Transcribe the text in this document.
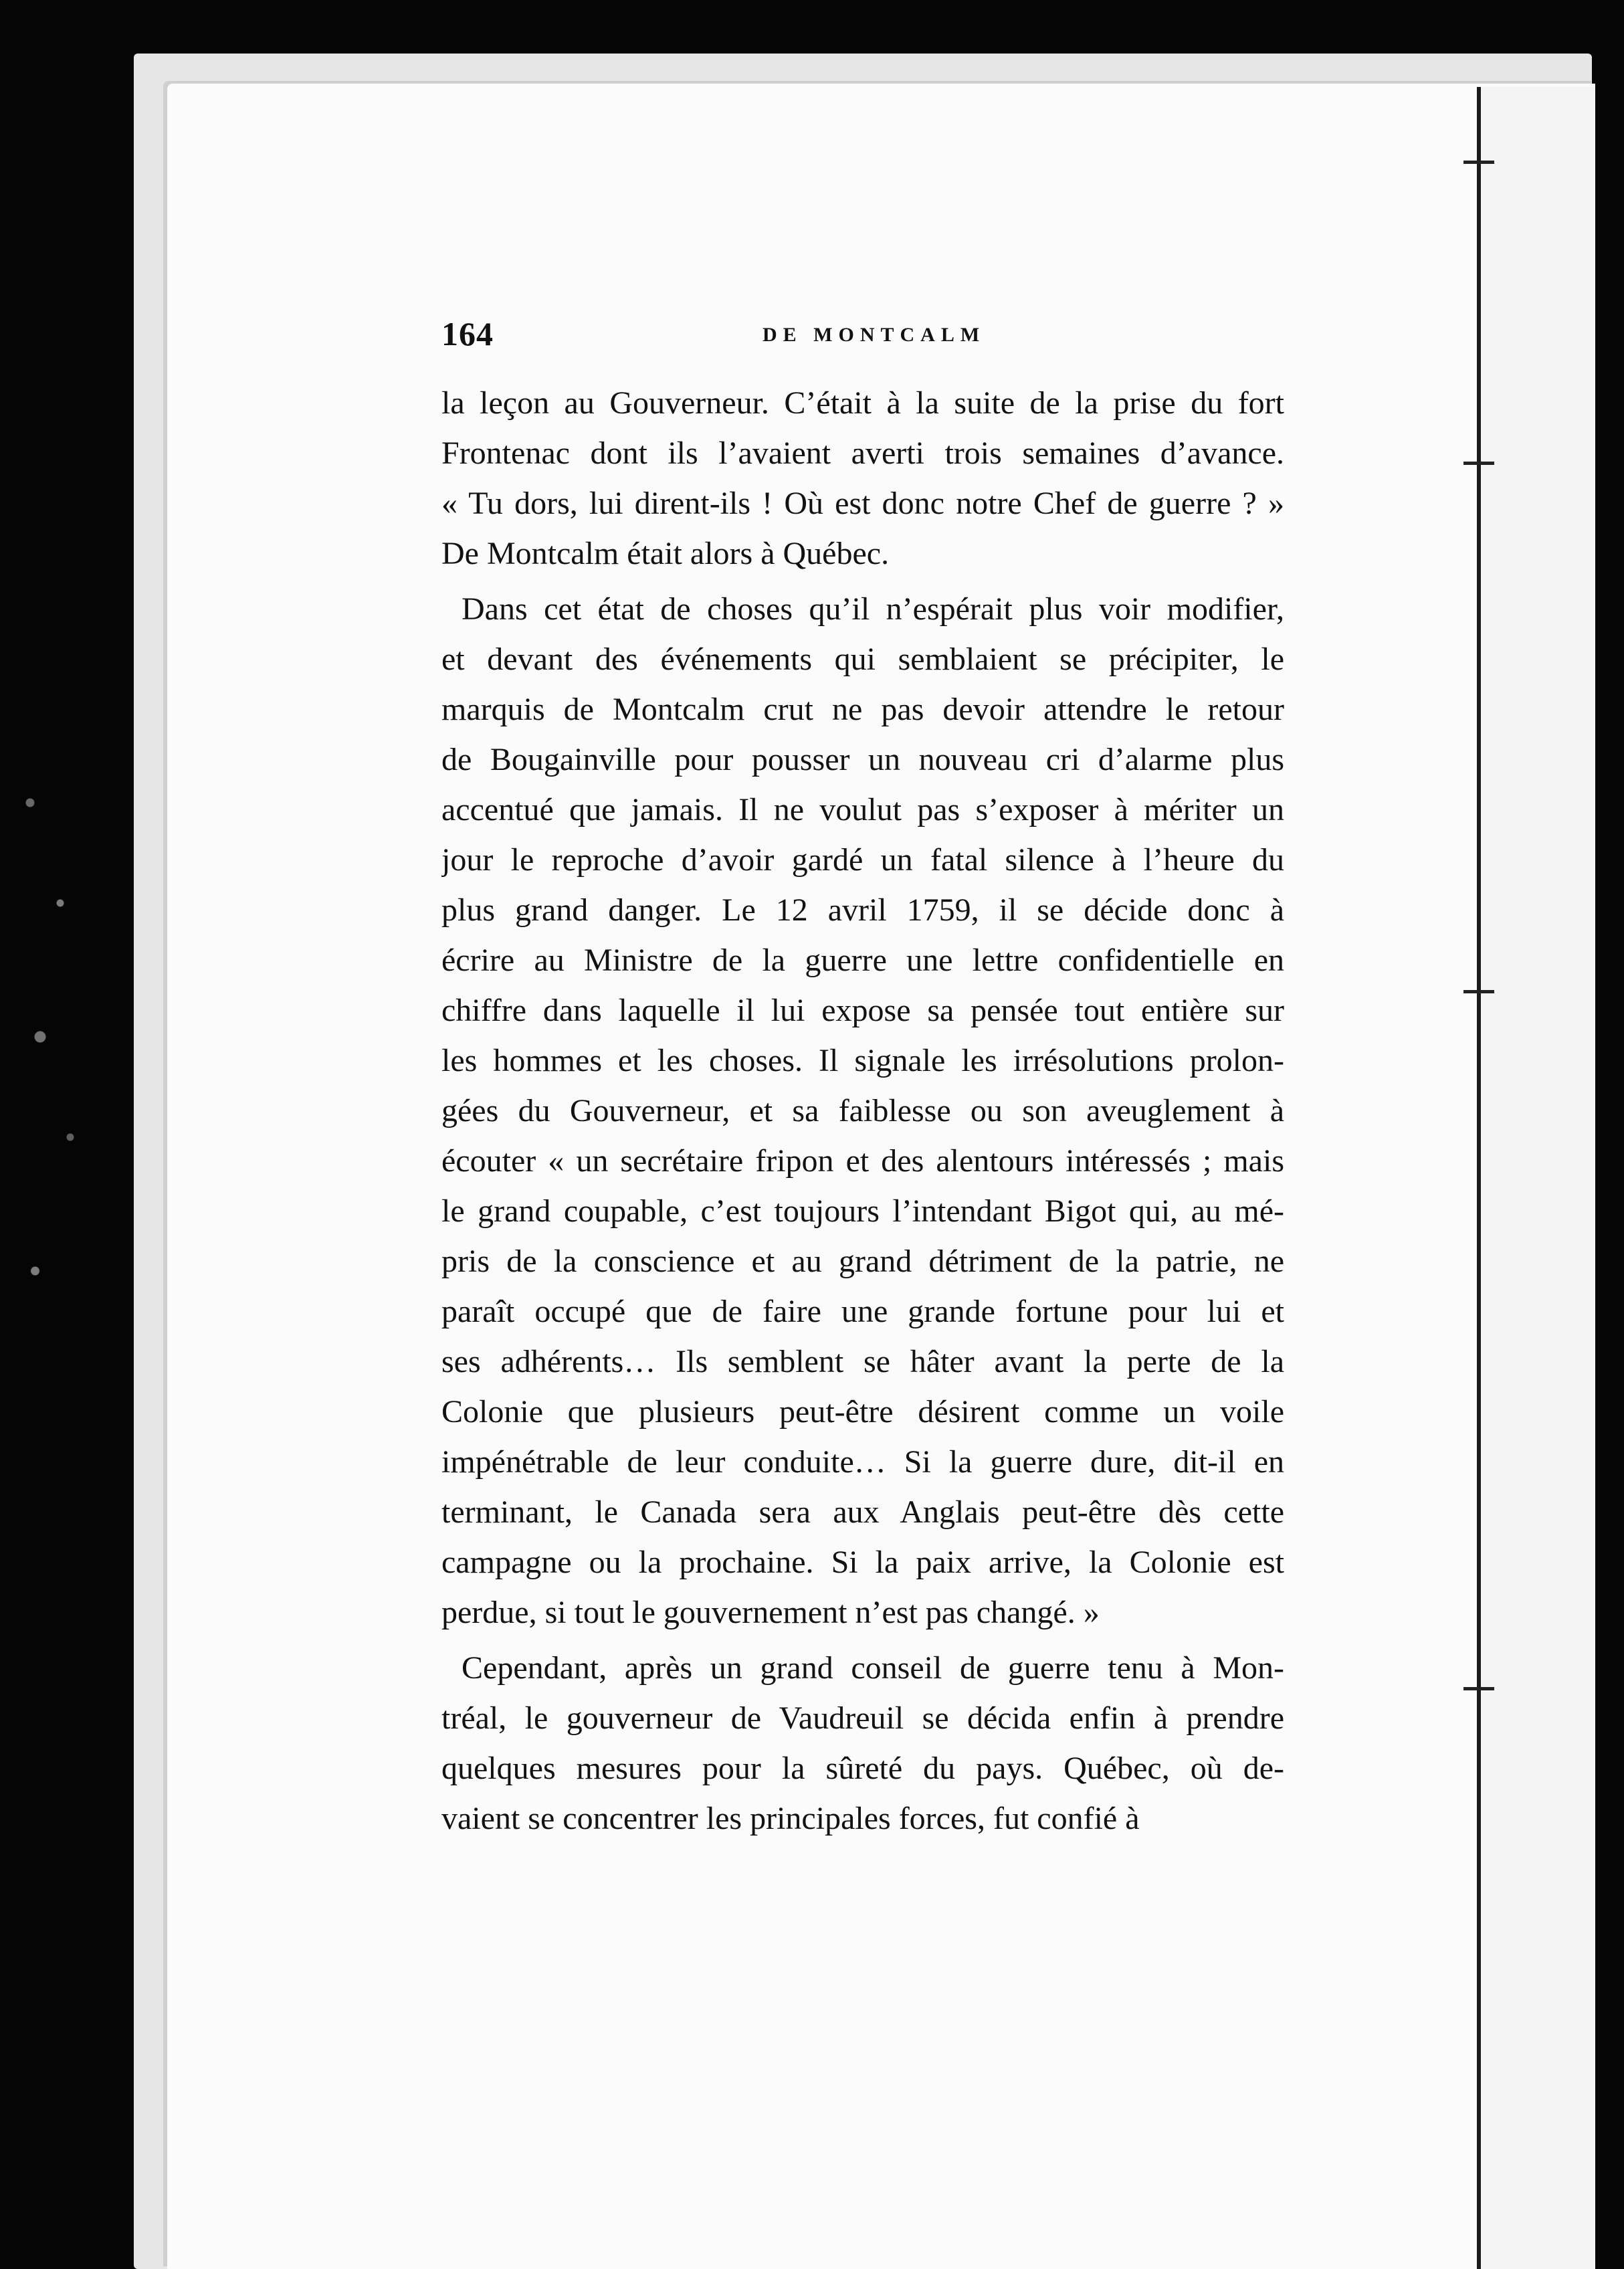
164	DE MONTCALM
la leçon au Gouverneur. C’était à la suite de la prise du fort
Frontenac dont ils l’avaient averti trois semaines d’avance.
« Tu dors, lui dirent-ils ! Où est donc notre Chef de guerre ? »
De Montcalm était alors à Québec.
Dans cet état de choses qu’il n’espérait plus voir modifier,
et devant des événements qui semblaient se précipiter, le
marquis de Montcalm crut ne pas devoir attendre le retour
de Bougainville pour pousser un nouveau cri d’alarme plus
accentué que jamais. Il ne voulut pas s’exposer à mériter un
jour le reproche d’avoir gardé un fatal silence à l’heure du
plus grand danger. Le 12 avril 1759, il se décide donc à
écrire au Ministre de la guerre une lettre confidentielle en
chiffre dans laquelle il lui expose sa pensée tout entière sur
les hommes et les choses. Il signale les irrésolutions prolon-
gées du Gouverneur, et sa faiblesse ou son aveuglement à
écouter « un secrétaire fripon et des alentours intéressés ; mais
le grand coupable, c’est toujours l’intendant Bigot qui, au mé-
pris de la conscience et au grand détriment de la patrie, ne
paraît occupé que de faire une grande fortune pour lui et
ses adhérents… Ils semblent se hâter avant la perte de la
Colonie que plusieurs peut-être désirent comme un voile
impénétrable de leur conduite… Si la guerre dure, dit-il en
terminant, le Canada sera aux Anglais peut-être dès cette
campagne ou la prochaine. Si la paix arrive, la Colonie est
perdue, si tout le gouvernement n’est pas changé. »
Cependant, après un grand conseil de guerre tenu à Mon-
tréal, le gouverneur de Vaudreuil se décida enfin à prendre
quelques mesures pour la sûreté du pays. Québec, où de-
vaient se concentrer les principales forces, fut confié à
